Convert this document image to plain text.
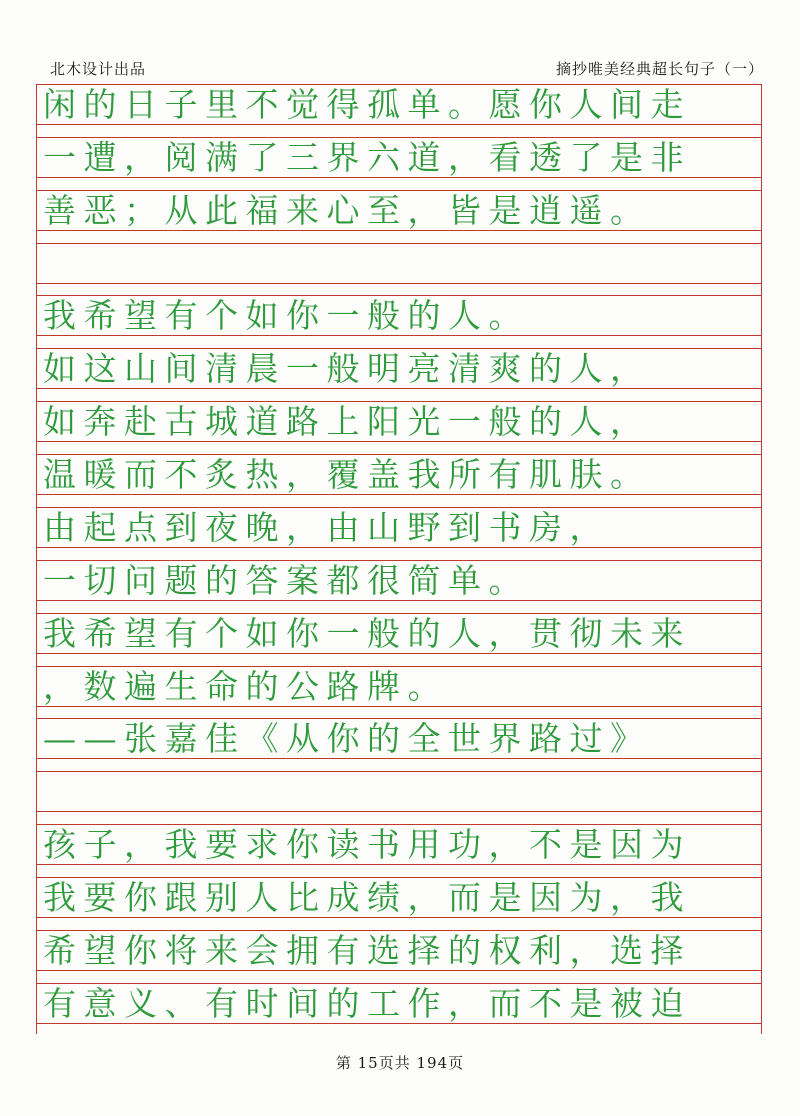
北木设计出品	摘抄唯美经典超长句子（一）
闲的日子里不觉得孤单。愿你人间走
一遭，阅满了三界六道，看透了是非
善恶；从此福来心至，皆是逍遥。
我希望有个如你一般的人。
如这山间清晨一般明亮清爽的人，
如奔赴古城道路上阳光一般的人，
温暖而不炙热，覆盖我所有肌肤。
由起点到夜晚，由山野到书房，
一切问题的答案都很简单。
我希望有个如你一般的人，贯彻未来
，数遍生命的公路牌。
——张嘉佳《从你的全世界路过》
孩子，我要求你读书用功，不是因为
我要你跟别人比成绩，而是因为，我
希望你将来会拥有选择的权利，选择
有意义、有时间的工作，而不是被迫
第 15页共 194页
